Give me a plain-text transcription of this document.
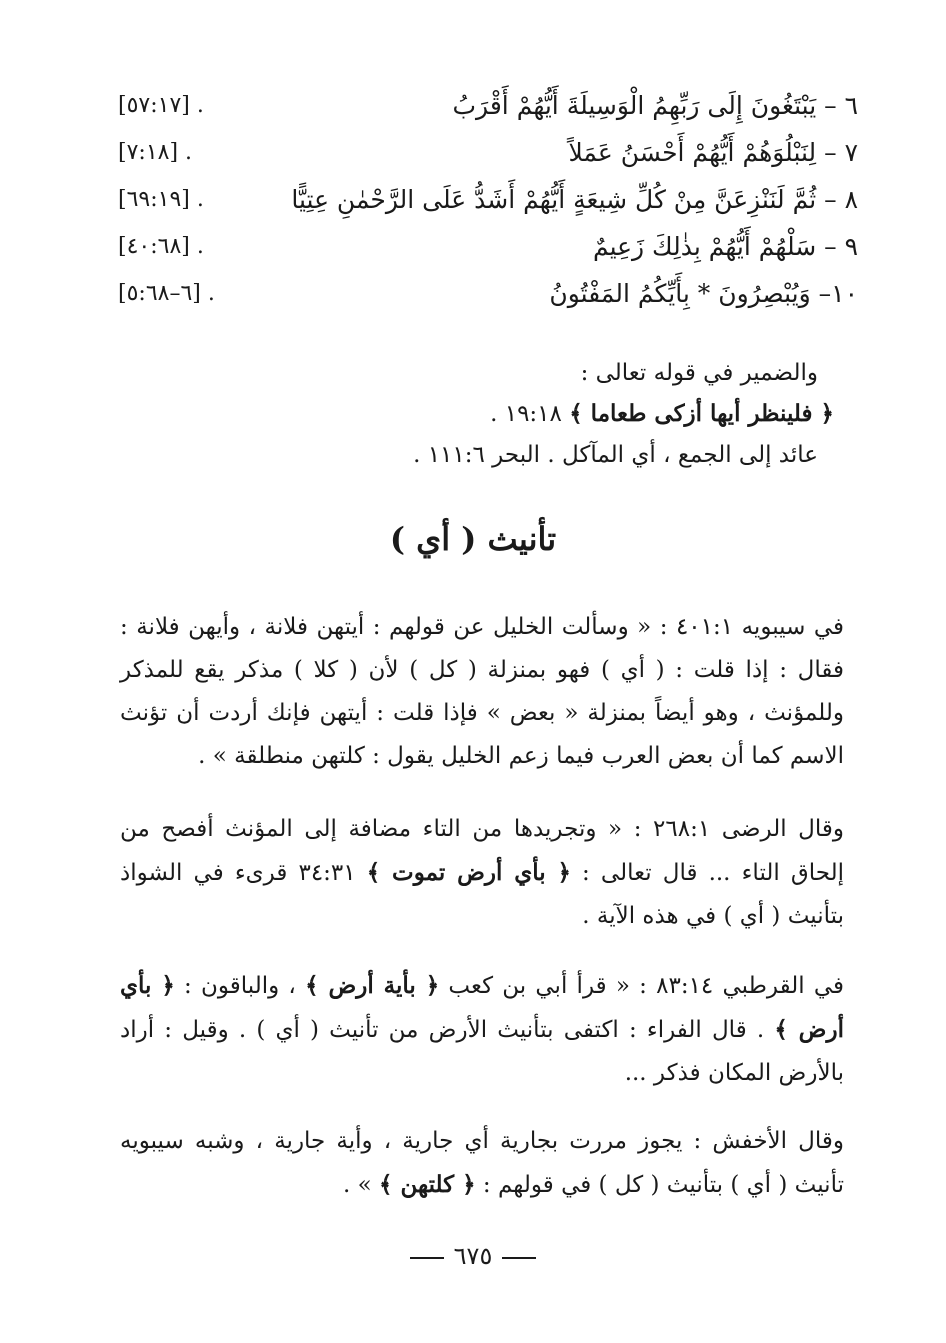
٦ – يَبْتَغُونَ إِلَى رَبِّهِمُ الْوَسِيلَةَ أَيُّهُمْ أَقْرَبُ
. [٥٧:١٧]
٧ – لِنَبْلُوَهُمْ أَيُّهُمْ أَحْسَنُ عَمَلاً
. [٧:١٨]
٨ – ثُمَّ لَنَنْزِعَنَّ مِنْ كُلِّ شِيعَةٍ أَيُّهُمْ أَشَدُّ عَلَى الرَّحْمٰنِ عِتِيًّا
. [٦٩:١٩]
٩ – سَلْهُمْ أَيُّهُمْ بِذٰلِكَ زَعِيمٌ
. [٤٠:٦٨]
١٠– وَيُبْصِرُونَ * بِأَيِّكُمُ المَفْتُونُ
. [٦–٥:٦٨]
والضمير في قوله تعالى :
﴿ فلينظر أيها أزكى طعاما ﴾ ١٩:١٨ .
عائد إلى الجمع ، أي المآكل . البحر ١١١:٦ .
تأنيث ( أي )
في سيبويه ٤٠١:١ : « وسألت الخليل عن قولهم : أيتهن فلانة ، وأيهن فلانة : فقال : إذا قلت : ( أي ) فهو بمنزلة ( كل ) لأن ( كلا ) مذكر يقع للمذكر وللمؤنث ، وهو أيضاً بمنزلة « بعض » فإذا قلت : أيتهن فإنك أردت أن تؤنث الاسم كما أن بعض العرب فيما زعم الخليل يقول : كلتهن منطلقة » .
وقال الرضى ٢٦٨:١ : « وتجريدها من التاء مضافة إلى المؤنث أفصح من إلحاق التاء ... قال تعالى : ﴿ بأي أرض تموت ﴾ ٣٤:٣١ قرىء في الشواذ بتأنيث ( أي ) في هذه الآية .
في القرطبي ٨٣:١٤ : « قرأ أبي بن كعب ﴿ بأية أرض ﴾ ، والباقون : ﴿ بأي أرض ﴾ . قال الفراء : اكتفى بتأنيث الأرض من تأنيث ( أي ) . وقيل : أراد بالأرض المكان فذكر ...
وقال الأخفش : يجوز مررت بجارية أي جارية ، وأية جارية ، وشبه سيبويه تأنيث ( أي ) بتأنيث ( كل ) في قولهم : ﴿ كلتهن ﴾ » .
٦٧٥
